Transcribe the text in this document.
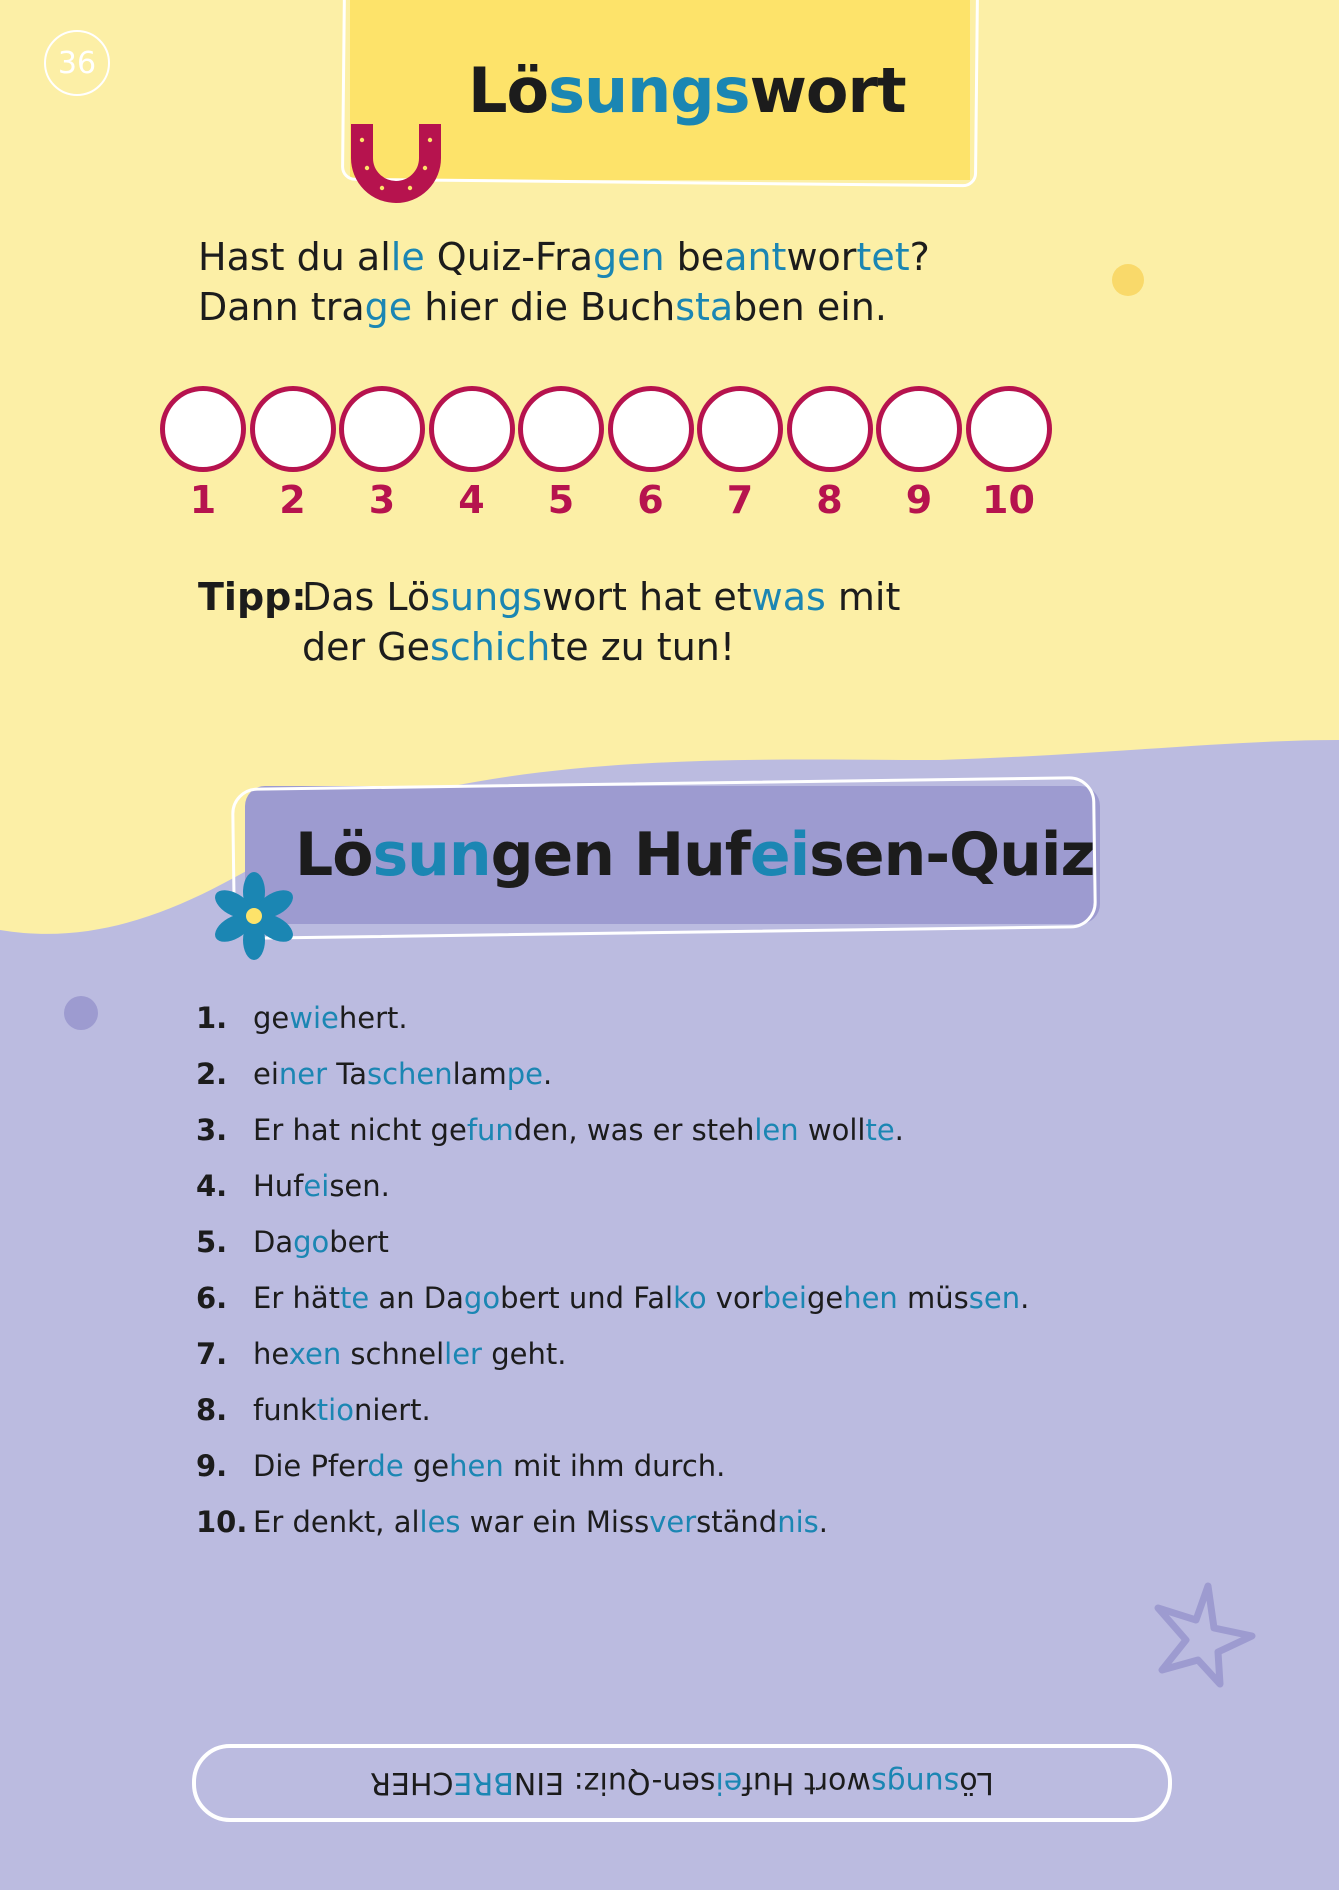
36	Lösungswort
Hast du alle Quiz-Fragen beantwortet?
Dann trage hier die Buchstaben ein.
1	2	3	4	5	6	7	8	9	10
Tipp:Das Lösungswort hat etwas mit
der Geschichte zu tun!
Lösungen Hufeisen-Quiz
1. gewiehert.
2. einer Taschenlampe.
3. Er hat nicht gefunden, was er stehlen wollte.
4. Hufeisen.
5. Dagobert
6. Er hätte an Dagobert und Falko vorbeigehen müssen.
7. hexen schneller geht.
8. funktioniert.
9. Die Pferde gehen mit ihm durch.
10. Er denkt, alles war ein Missverständnis.
Lö
sungs
wort Huf
ei
sen-Quiz: EIN
BRE
CHER
